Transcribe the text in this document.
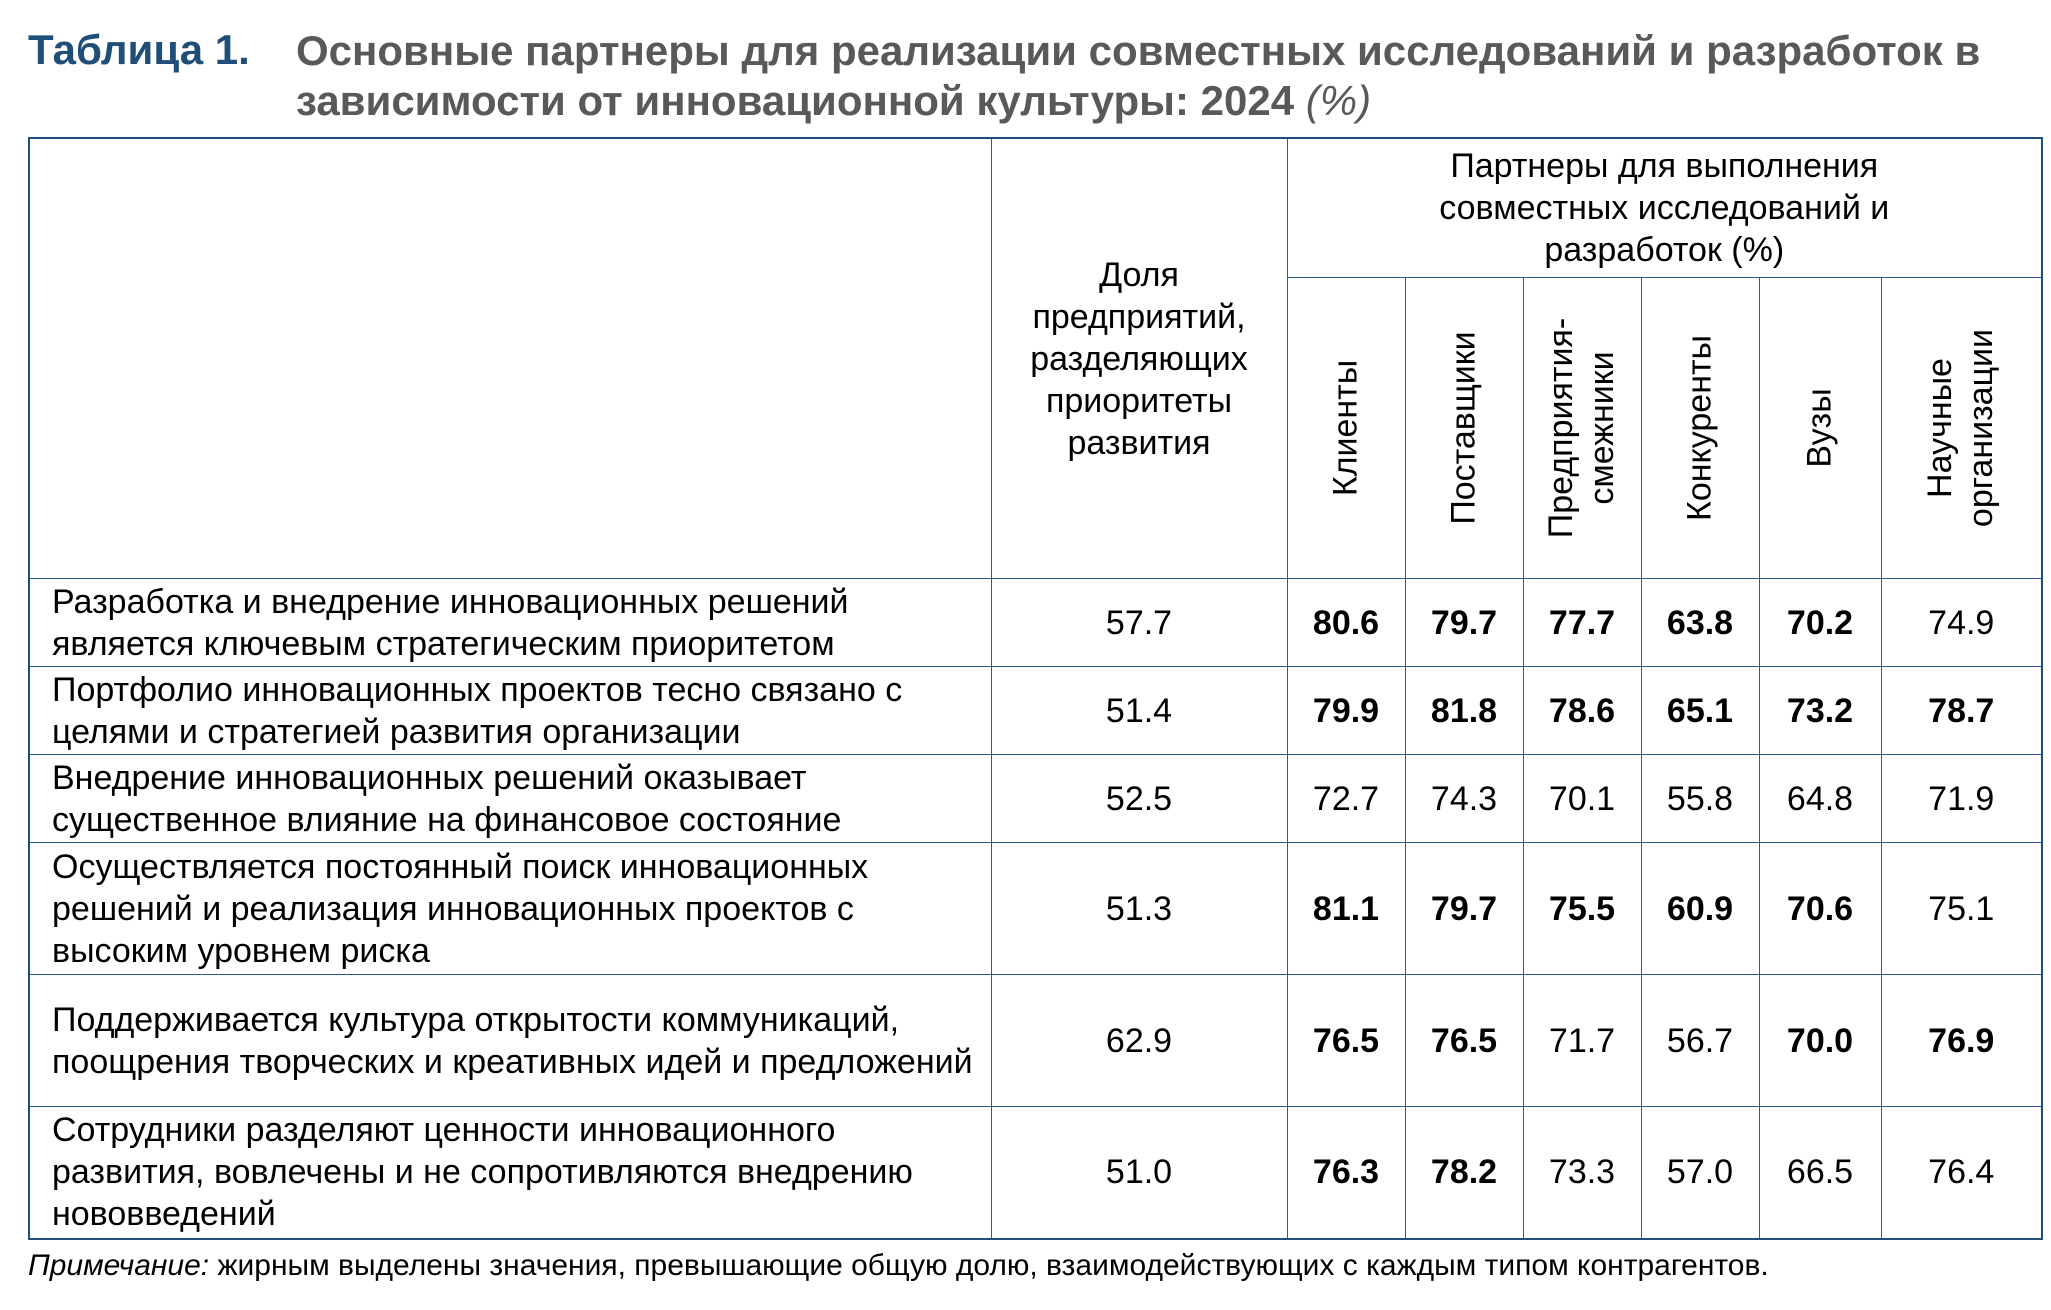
Таблица 1. Основные партнеры для реализации совместных исследований и разработок в зависимости от инновационной культуры: 2024 (%)

	Доля предприятий, разделяющих приоритеты развития	Партнеры для выполнения совместных исследований и разработок (%)					

		Клиенты	Поставщики	Предприятия-смежники	Конкуренты	Вузы	Научные организации

Разработка и внедрение инновационных решений является ключевым стратегическим приоритетом	57.7	80.6	79.7	77.7	63.8	70.2	74.9
Портфолио инновационных проектов тесно связано с целями и стратегией развития организации	51.4	79.9	81.8	78.6	65.1	73.2	78.7
Внедрение инновационных решений оказывает существенное влияние на финансовое состояние	52.5	72.7	74.3	70.1	55.8	64.8	71.9
Осуществляется постоянный поиск инновационных решений и реализация инновационных проектов с высоким уровнем риска	51.3	81.1	79.7	75.5	60.9	70.6	75.1
Поддерживается культура открытости коммуникаций, поощрения творческих и креативных идей и предложений	62.9	76.5	76.5	71.7	56.7	70.0	76.9
Сотрудники разделяют ценности инновационного развития, вовлечены и не сопротивляются внедрению нововведений	51.0	76.3	78.2	73.3	57.0	66.5	76.4
Примечание: жирным выделены значения, превышающие общую долю, взаимодействующих с каждым типом контрагентов.
